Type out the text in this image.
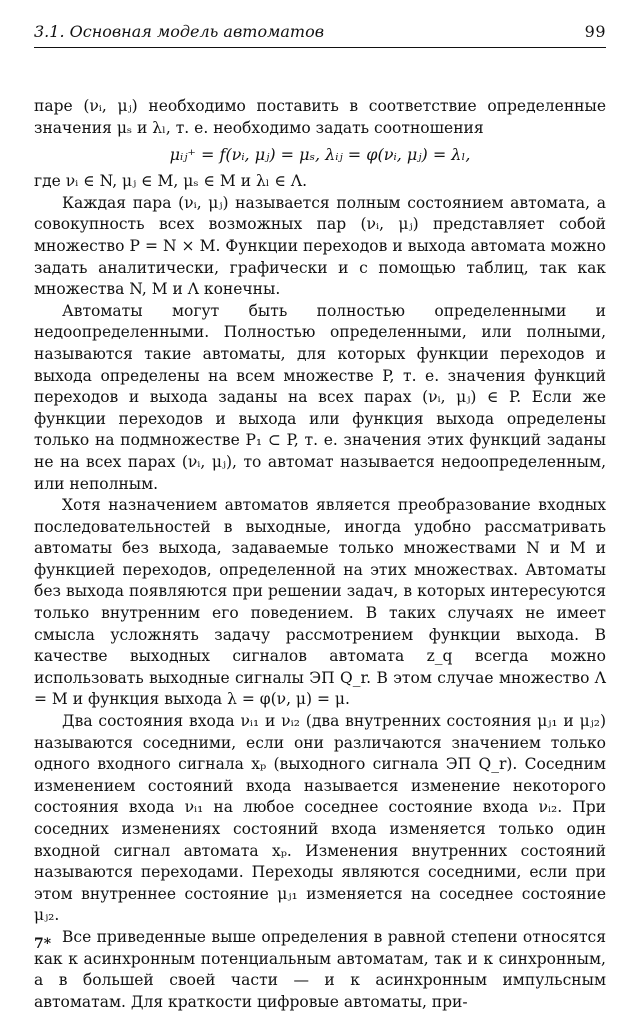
3.1. Основная модель автоматов	99

паре (νᵢ, μⱼ) необходимо поставить в соответствие определенные значения μₛ и λₗ, т. е. необходимо задать соотношения

μᵢⱼ⁺ = f(νᵢ, μⱼ) = μₛ, λᵢⱼ = φ(νᵢ, μⱼ) = λₗ,

где νᵢ ∈ N, μⱼ ∈ M, μₛ ∈ M и λₗ ∈ Λ.

Каждая пара (νᵢ, μⱼ) называется полным состоянием автомата, а совокупность всех возможных пар (νᵢ, μⱼ) представляет собой множество P = N × M. Функции переходов и выхода автомата можно задать аналитически, графически и с помощью таблиц, так как множества N, M и Λ конечны.

Автоматы могут быть полностью определенными и недоопределенными. Полностью определенными, или полными, называются такие автоматы, для которых функции переходов и выхода определены на всем множестве P, т. е. значения функций переходов и выхода заданы на всех парах (νᵢ, μⱼ) ∈ P. Если же функции переходов и выхода или функция выхода определены только на подмножестве P₁ ⊂ P, т. е. значения этих функций заданы не на всех парах (νᵢ, μⱼ), то автомат называется недоопределенным, или неполным.

Хотя назначением автоматов является преобразование входных последовательностей в выходные, иногда удобно рассматривать автоматы без выхода, задаваемые только множествами N и M и функцией переходов, определенной на этих множествах. Автоматы без выхода появляются при решении задач, в которых интересуются только внутренним его поведением. В таких случаях не имеет смысла усложнять задачу рассмотрением функции выхода. В качестве выходных сигналов автомата z_q всегда можно использовать выходные сигналы ЭП Q_r. В этом случае множество Λ = M и функция выхода λ = φ(ν, μ) = μ.

Два состояния входа νᵢ₁ и νᵢ₂ (два внутренних состояния μⱼ₁ и μⱼ₂) называются соседними, если они различаются значением только одного входного сигнала xₚ (выходного сигнала ЭП Q_r). Соседним изменением состояний входа называется изменение некоторого состояния входа νᵢ₁ на любое соседнее состояние входа νᵢ₂. При соседних изменениях состояний входа изменяется только один входной сигнал автомата xₚ. Изменения внутренних состояний называются переходами. Переходы являются соседними, если при этом внутреннее состояние μⱼ₁ изменяется на соседнее состояние μⱼ₂.

Все приведенные выше определения в равной степени относятся как к асинхронным потенциальным автоматам, так и к синхронным, а в большей своей части — и к асинхронным импульсным автоматам. Для краткости цифровые автоматы, при-

7*
